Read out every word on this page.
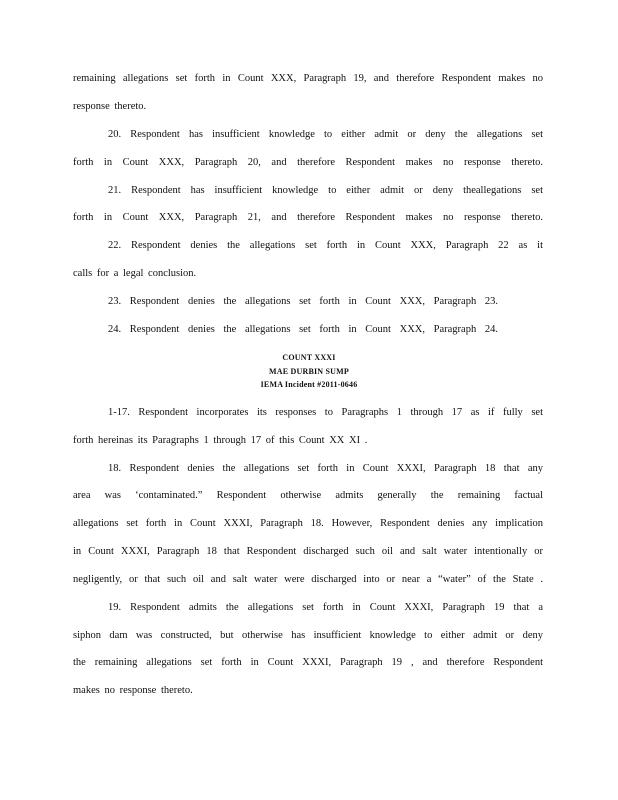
remaining allegations set forth in Count XXX, Paragraph 19, and therefore Respondent makes no
response thereto.
20. Respondent has insufficient knowledge to either admit or deny the allegations set
forth in Count XXX, Paragraph 20, and therefore Respondent makes no response thereto.
21. Respondent has insufficient knowledge to either admit or deny theallegations set
forth in Count XXX, Paragraph 21, and therefore Respondent makes no response thereto.
22. Respondent denies the allegations set forth in Count XXX, Paragraph 22 as it
calls for a legal conclusion.
23. Respondent denies the allegations set forth in Count XXX, Paragraph 23.
24. Respondent denies the allegations set forth in Count XXX, Paragraph 24.
COUNT XXXI
MAE DURBIN SUMP
IEMA Incident #2011-0646
1-17. Respondent incorporates its responses to Paragraphs 1 through 17 as if fully set
forth hereinas its Paragraphs 1 through 17 of this Count XX XI .
18. Respondent denies the allegations set forth in Count XXXI, Paragraph 18 that any
area was ‘contaminated.” Respondent otherwise admits generally the remaining factual
allegations set forth in Count XXXI, Paragraph 18. However, Respondent denies any implication
in Count XXXI, Paragraph 18 that Respondent discharged such oil and salt water intentionally or
negligently, or that such oil and salt water were discharged into or near a “water” of the State .
19. Respondent admits the allegations set forth in Count XXXI, Paragraph 19 that a
siphon dam was constructed, but otherwise has insufficient knowledge to either admit or deny
the remaining allegations set forth in Count XXXI, Paragraph 19 , and therefore Respondent
makes no response thereto.
